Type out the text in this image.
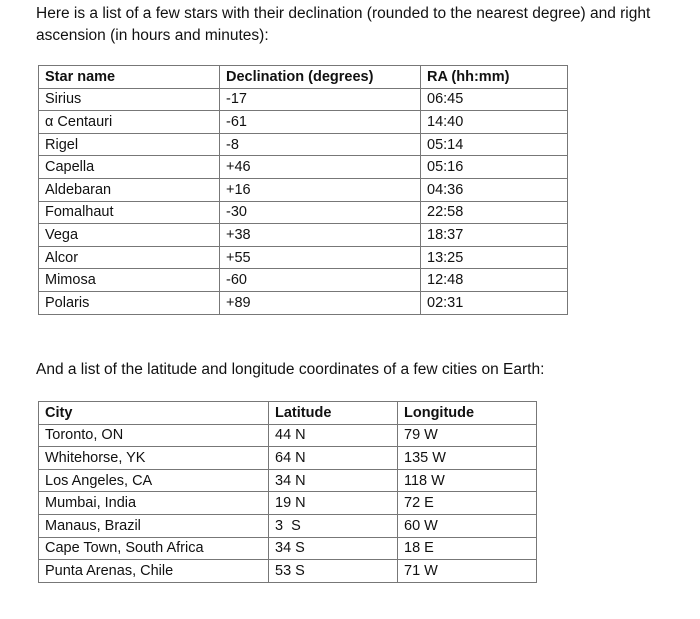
Here is a list of a few stars with their declination (rounded to the nearest degree) and right ascension (in hours and minutes):

Star name	Declination (degrees)	RA (hh:mm)
Sirius	-17	06:45
α Centauri	-61	14:40
Rigel	-8	05:14
Capella	+46	05:16
Aldebaran	+16	04:36
Fomalhaut	-30	22:58
Vega	+38	18:37
Alcor	+55	13:25
Mimosa	-60	12:48
Polaris	+89	02:31

And a list of the latitude and longitude coordinates of a few cities on Earth:

City	Latitude	Longitude
Toronto, ON	44 N	79 W
Whitehorse, YK	64 N	135 W
Los Angeles, CA	34 N	118 W
Mumbai, India	19 N	72 E
Manaus, Brazil	3  S	60 W
Cape Town, South Africa	34 S	18 E
Punta Arenas, Chile	53 S	71 W
